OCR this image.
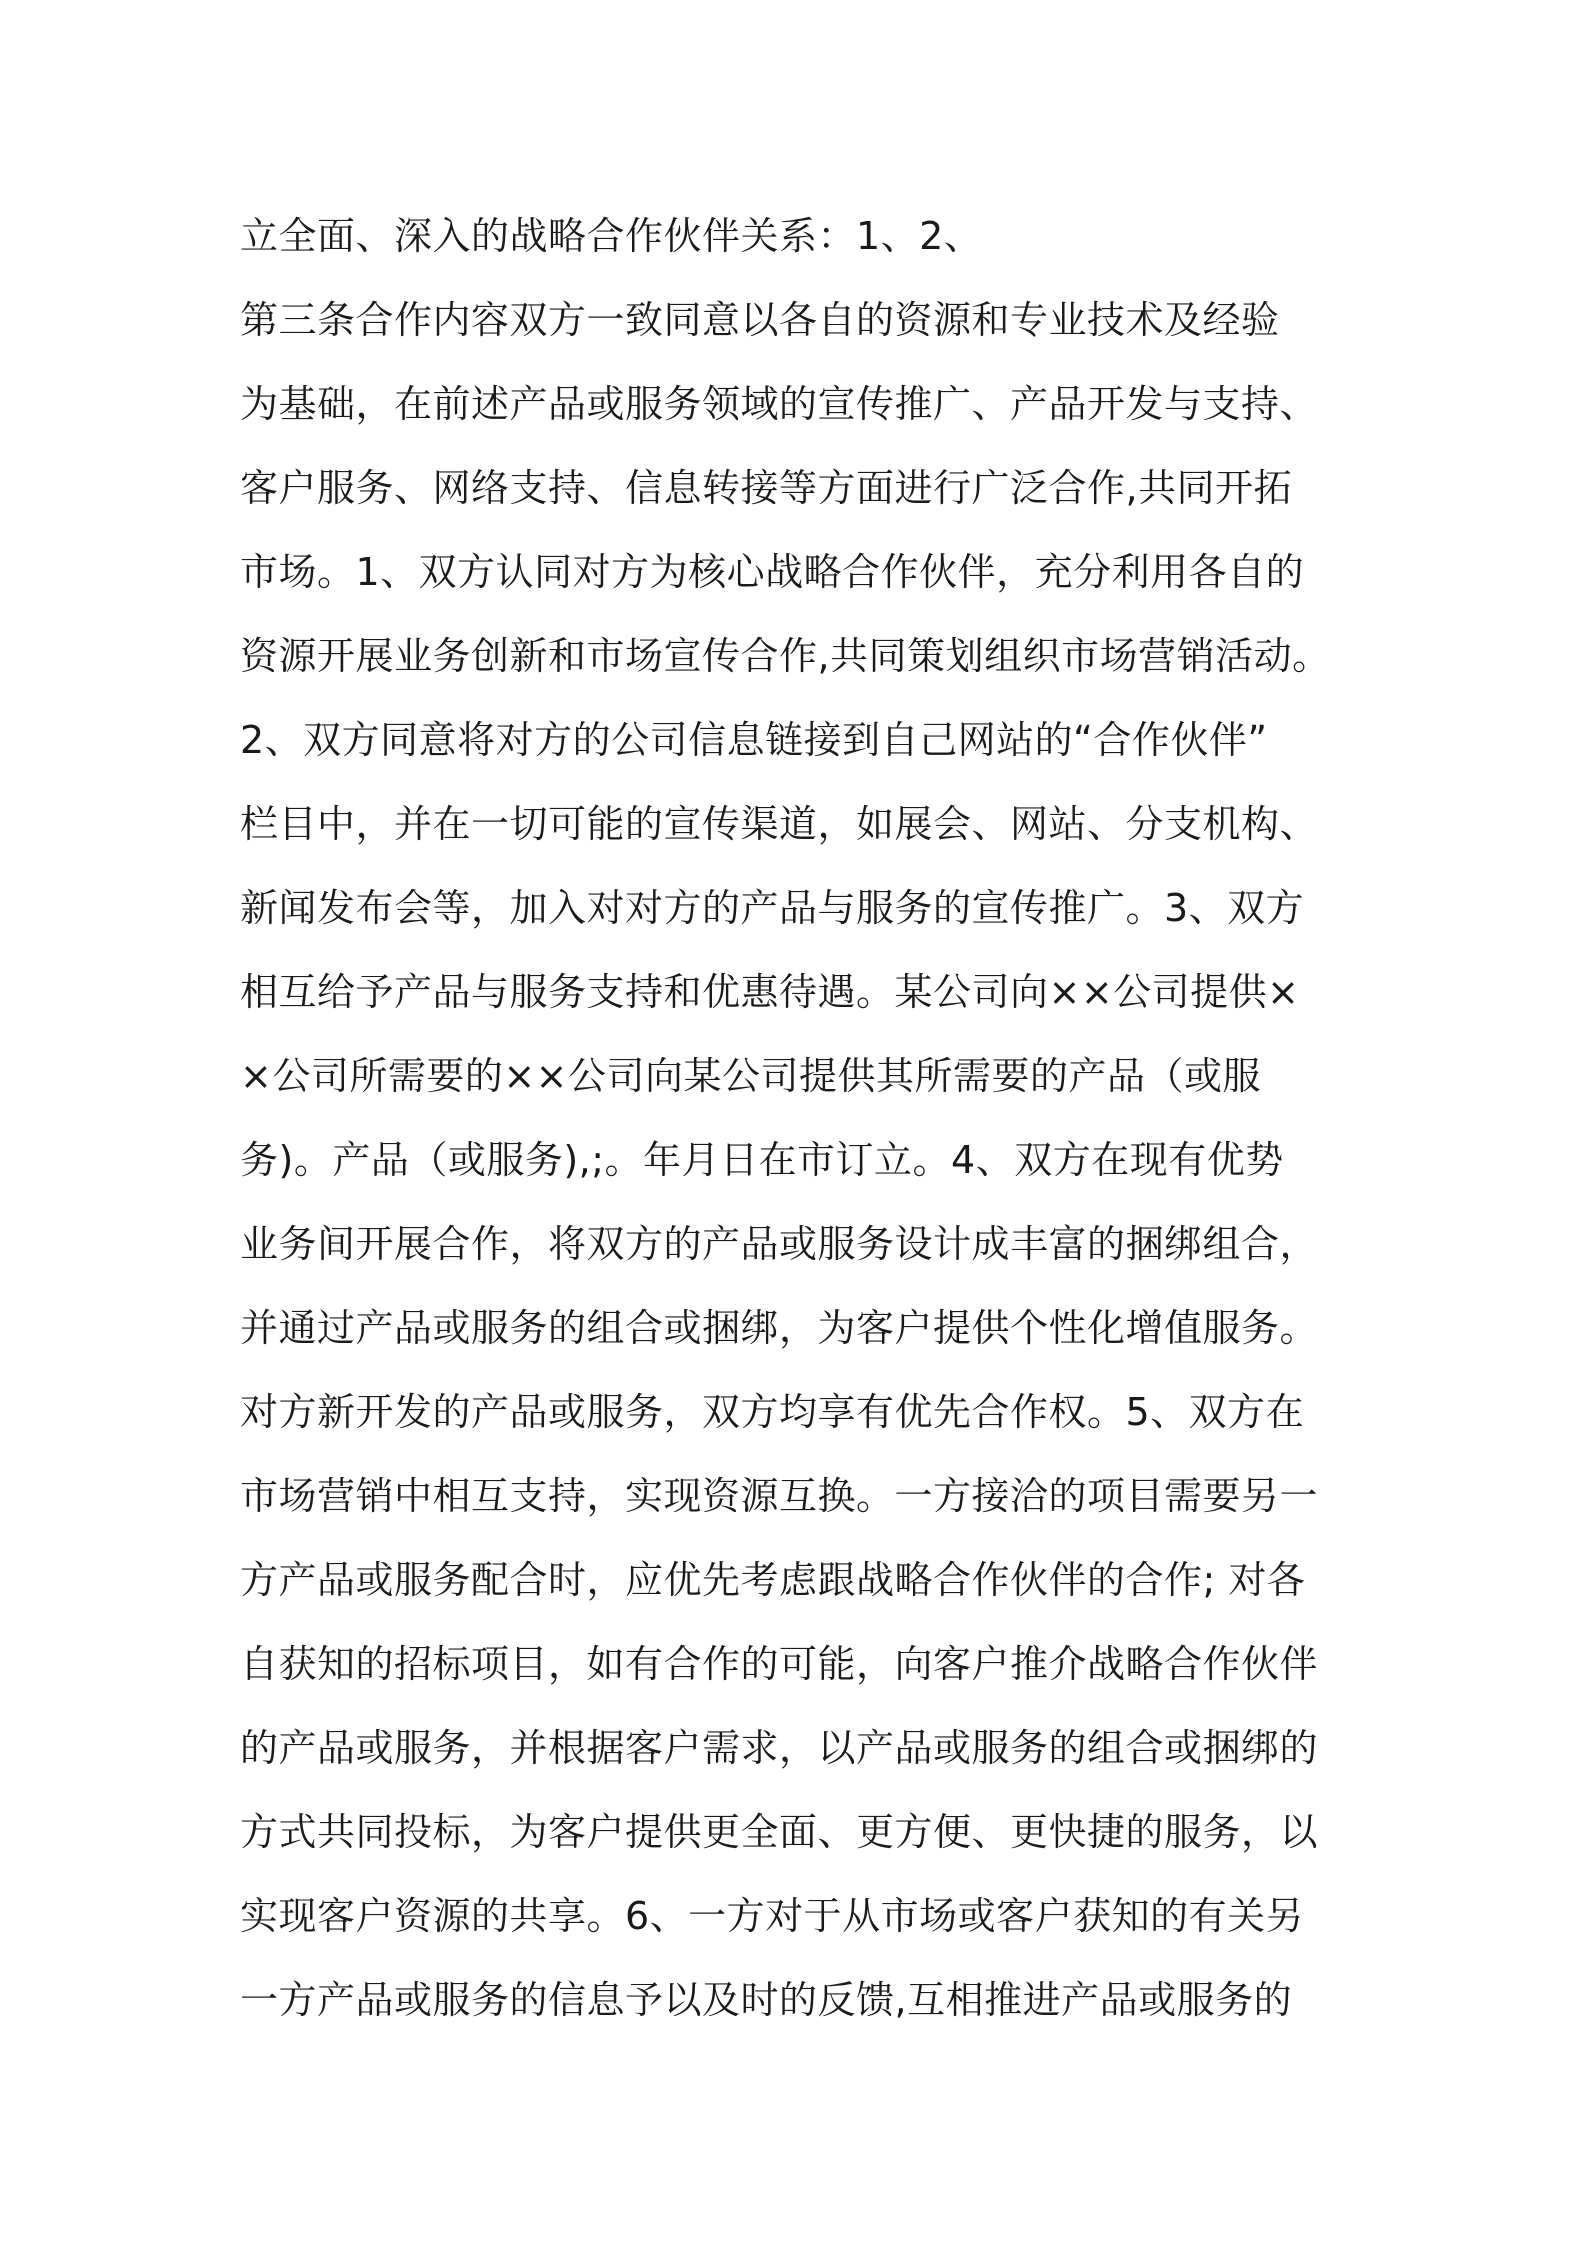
立全面、深入的战略合作伙伴关系：1、2、
第三条合作内容双方一致同意以各自的资源和专业技术及经验
为基础，在前述产品或服务领域的宣传推广、产品开发与支持、
客户服务、网络支持、信息转接等方面进行广泛合作,共同开拓
市场。1、双方认同对方为核心战略合作伙伴，充分利用各自的
资源开展业务创新和市场宣传合作,共同策划组织市场营销活动。
2、双方同意将对方的公司信息链接到自己网站的“合作伙伴”
栏目中，并在一切可能的宣传渠道，如展会、网站、分支机构、
新闻发布会等，加入对对方的产品与服务的宣传推广。3、双方
相互给予产品与服务支持和优惠待遇。某公司向××公司提供×
×公司所需要的××公司向某公司提供其所需要的产品（或服
务)。产品（或服务),;。年月日在市订立。4、双方在现有优势
业务间开展合作，将双方的产品或服务设计成丰富的捆绑组合，
并通过产品或服务的组合或捆绑，为客户提供个性化增值服务。
对方新开发的产品或服务，双方均享有优先合作权。5、双方在
市场营销中相互支持，实现资源互换。一方接洽的项目需要另一
方产品或服务配合时，应优先考虑跟战略合作伙伴的合作; 对各
自获知的招标项目，如有合作的可能，向客户推介战略合作伙伴
的产品或服务，并根据客户需求，以产品或服务的组合或捆绑的
方式共同投标，为客户提供更全面、更方便、更快捷的服务，以
实现客户资源的共享。6、一方对于从市场或客户获知的有关另
一方产品或服务的信息予以及时的反馈,互相推进产品或服务的
